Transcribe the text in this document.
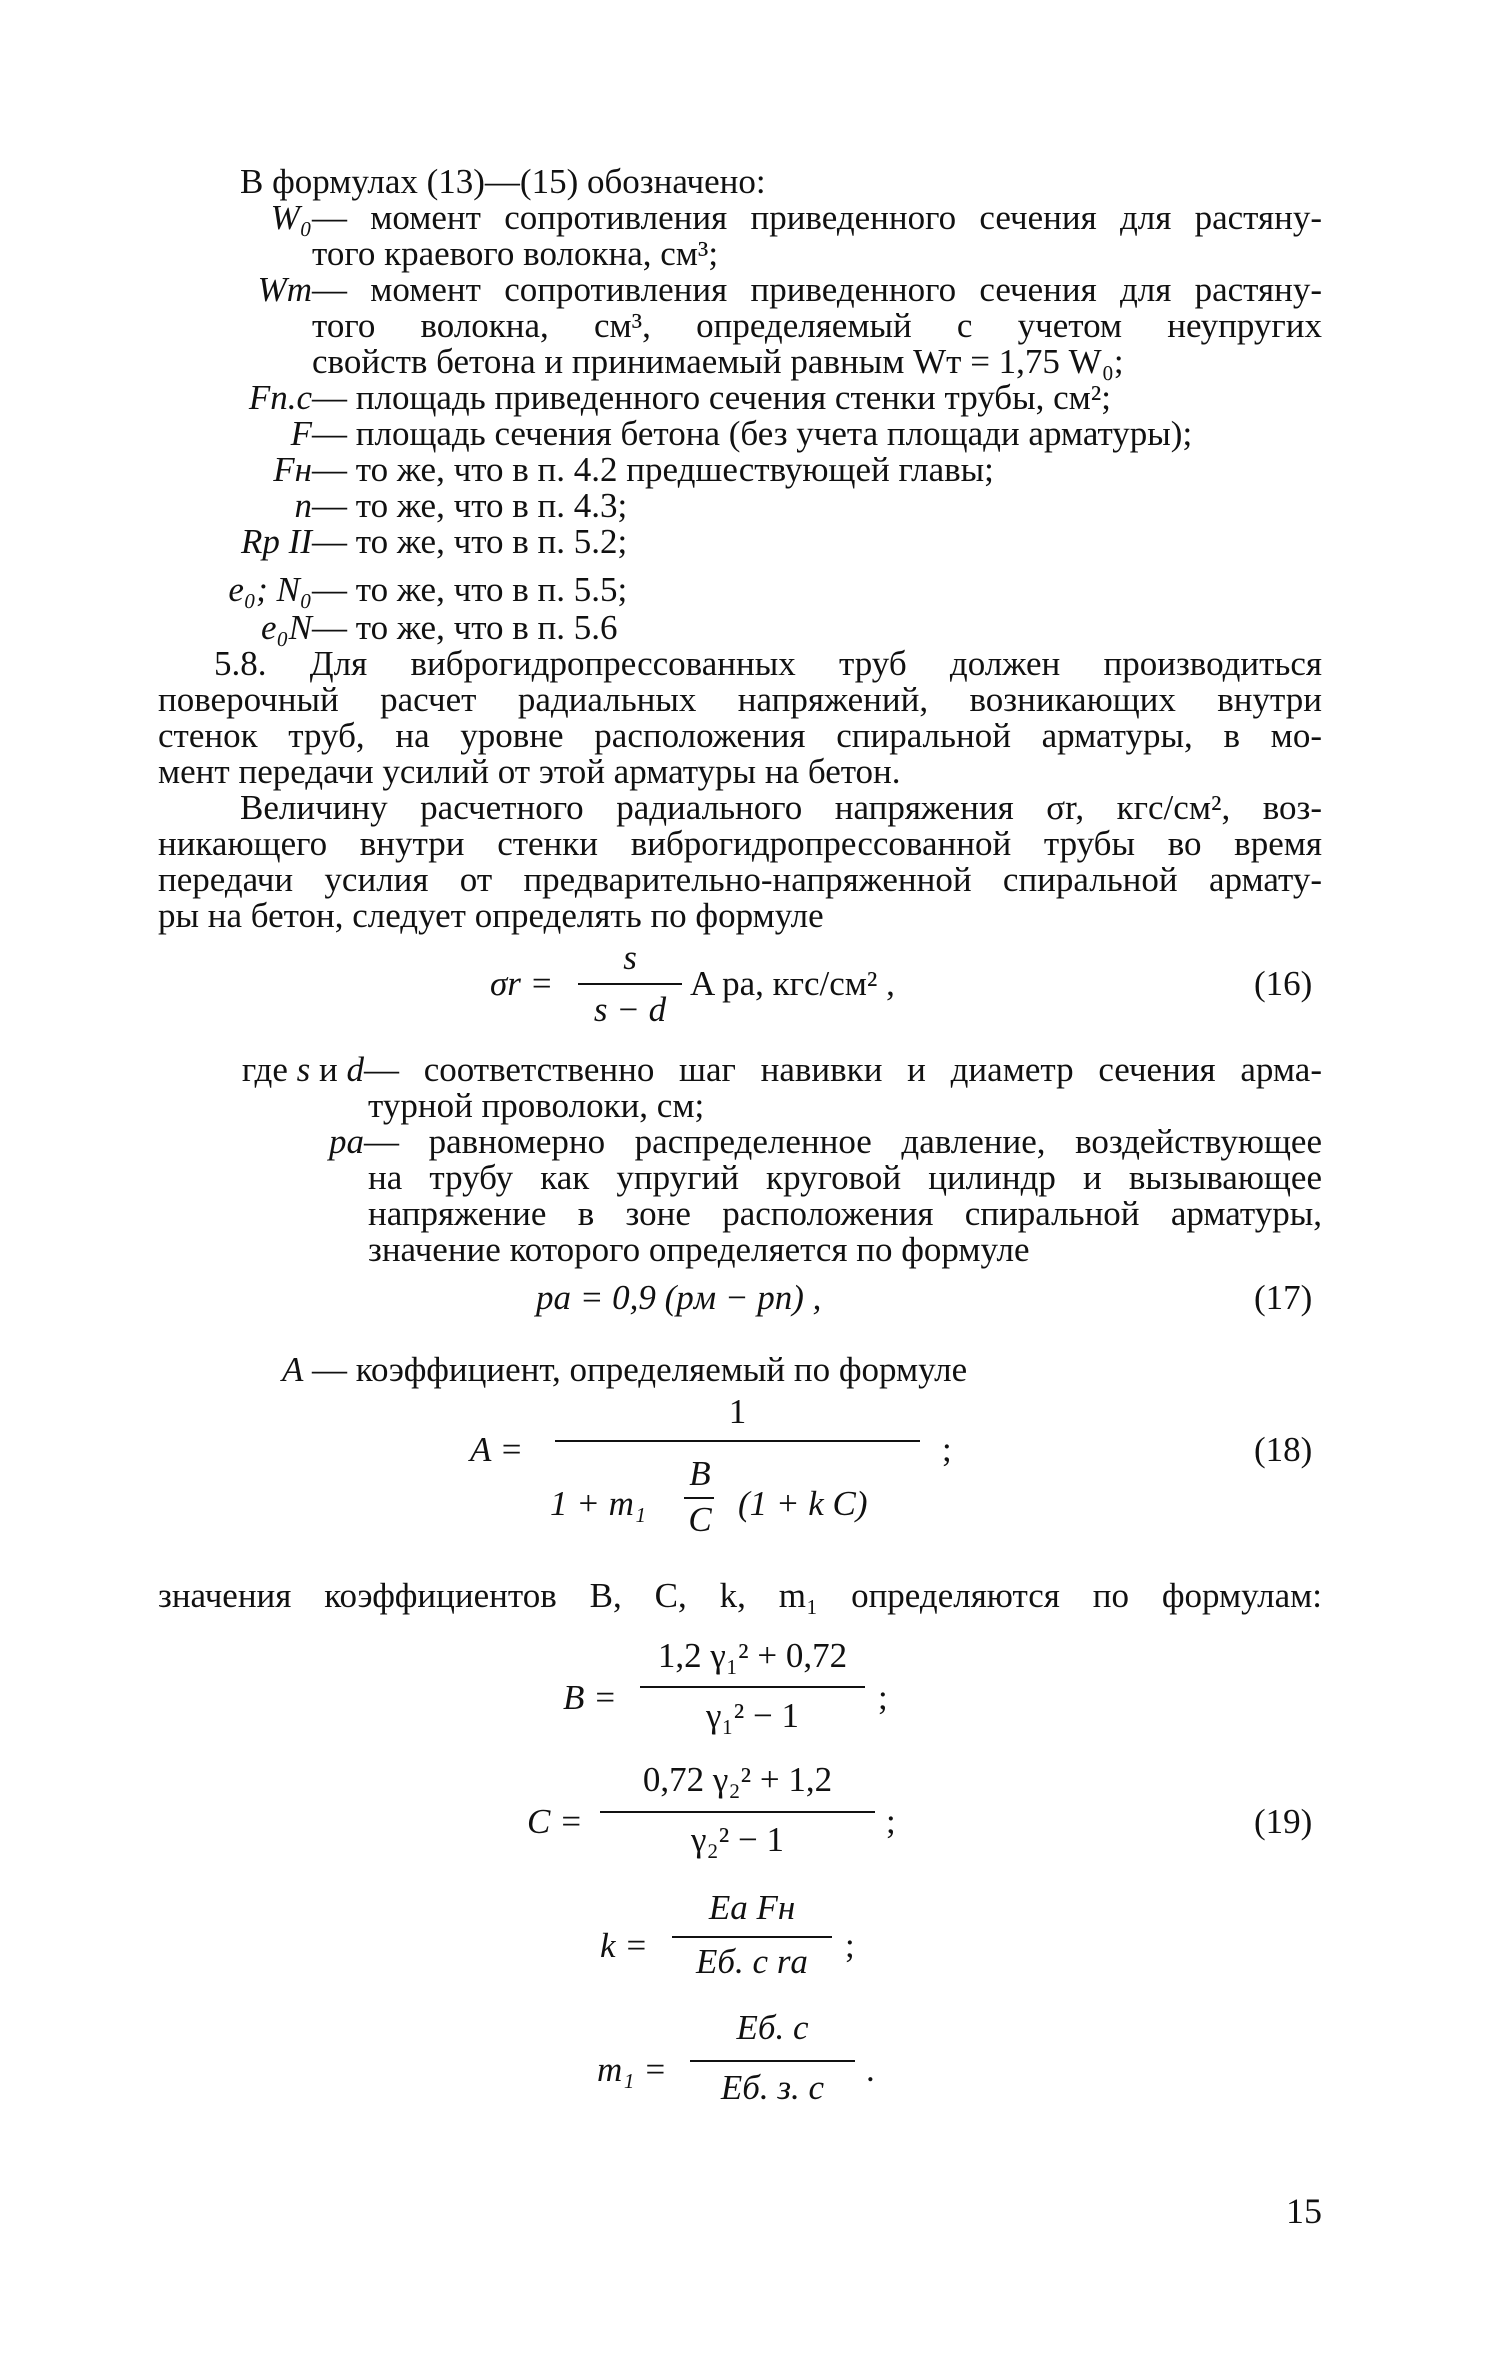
В формулах (13)—(15) обозначено:
W₀ — момент сопротивления приведенного сечения для растяну-
того краевого волокна, см³;
Wт — момент сопротивления приведенного сечения для растяну-
того волокна, см³, определяемый с учетом неупругих
свойств бетона и принимаемый равным Wт = 1,75 W₀;
Fп.с — площадь приведенного сечения стенки трубы, см²;
F — площадь сечения бетона (без учета площади арматуры);
Fн — то же, что в п. 4.2 предшествующей главы;
n — то же, что в п. 4.3;
Rр II — то же, что в п. 5.2;
e₀; N₀ — то же, что в п. 5.5;
e₀N — то же, что в п. 5.6
5.8. Для виброгидропрессованных труб должен производиться
поверочный расчет радиальных напряжений, возникающих внутри
стенок труб, на уровне расположения спиральной арматуры, в мо-
мент передачи усилий от этой арматуры на бетон.
Величину расчетного радиального напряжения σr, кгс/см², воз-
никающего внутри стенки виброгидропрессованной трубы во время
передачи усилия от предварительно-напряженной спиральной армату-
ры на бетон, следует определять по формуле
σr =
s
s − d
A pа, кгс/см² ,	(16)
где s и d — соответственно шаг навивки и диаметр сечения арма-
турной проволоки, см;
pа — равномерно распределенное давление, воздействующее
на трубу как упругий круговой цилиндр и вызывающее
напряжение в зоне расположения спиральной арматуры,
значение которого определяется по формуле
pа = 0,9 (pм − pп) ,	(17)
A — коэффициент, определяемый по формуле
A =
1
1 + m₁
B
C (1 + k C)
;	(18)
значения коэффициентов B, C, k, m₁ определяются по формулам:
B =
1,2 γ₁² + 0,72
γ₁² − 1	;
C =
0,72 γ₂² + 1,2
γ₂² − 1	;	(19)
k =
Eа Fн
Eб. с rа	;
m₁ =
Eб. с
Eб. з. с	.
15
